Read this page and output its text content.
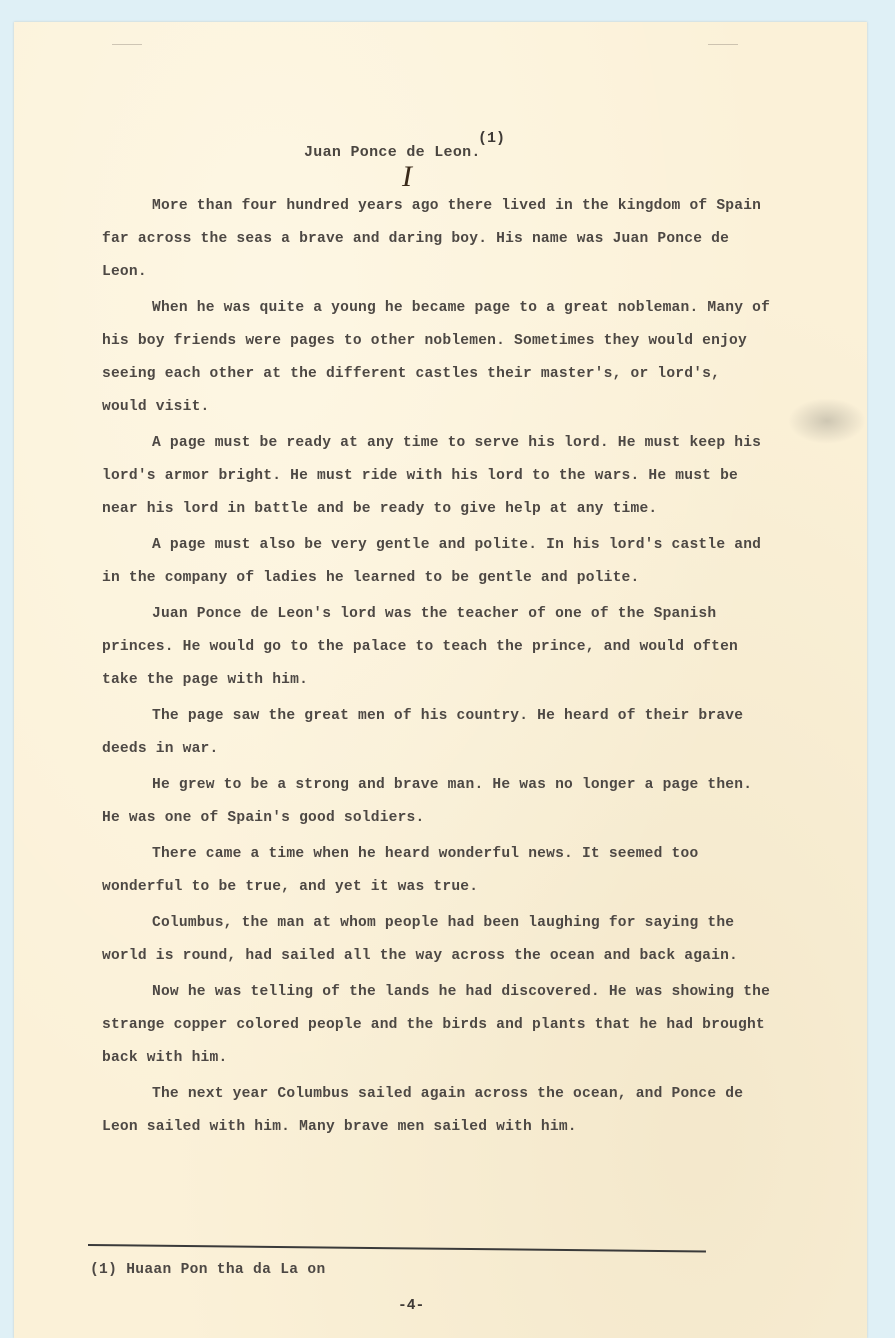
(1)
Juan Ponce de Leon.
I

More than four hundred years ago there lived in the kingdom of Spain far across the seas a brave and daring boy. His name was Juan Ponce de Leon.

When he was quite a young he became page to a great nobleman. Many of his boy friends were pages to other noblemen. Sometimes they would enjoy seeing each other at the different castles their master's, or lord's, would visit.

A page must be ready at any time to serve his lord. He must keep his lord's armor bright. He must ride with his lord to the wars. He must be near his lord in battle and be ready to give help at any time.

A page must also be very gentle and polite. In his lord's castle and in the company of ladies he learned to be gentle and polite.

Juan Ponce de Leon's lord was the teacher of one of the Spanish princes. He would go to the palace to teach the prince, and would often take the page with him.

The page saw the great men of his country. He heard of their brave deeds in war.

He grew to be a strong and brave man. He was no longer a page then. He was one of Spain's good soldiers.

There came a time when he heard wonderful news. It seemed too wonderful to be true, and yet it was true.

Columbus, the man at whom people had been laughing for saying the world is round, had sailed all the way across the ocean and back again.

Now he was telling of the lands he had discovered. He was showing the strange copper colored people and the birds and plants that he had brought back with him.

The next year Columbus sailed again across the ocean, and Ponce de Leon sailed with him. Many brave men sailed with him.

(1) Huaan Pon tha da La on
-4-
